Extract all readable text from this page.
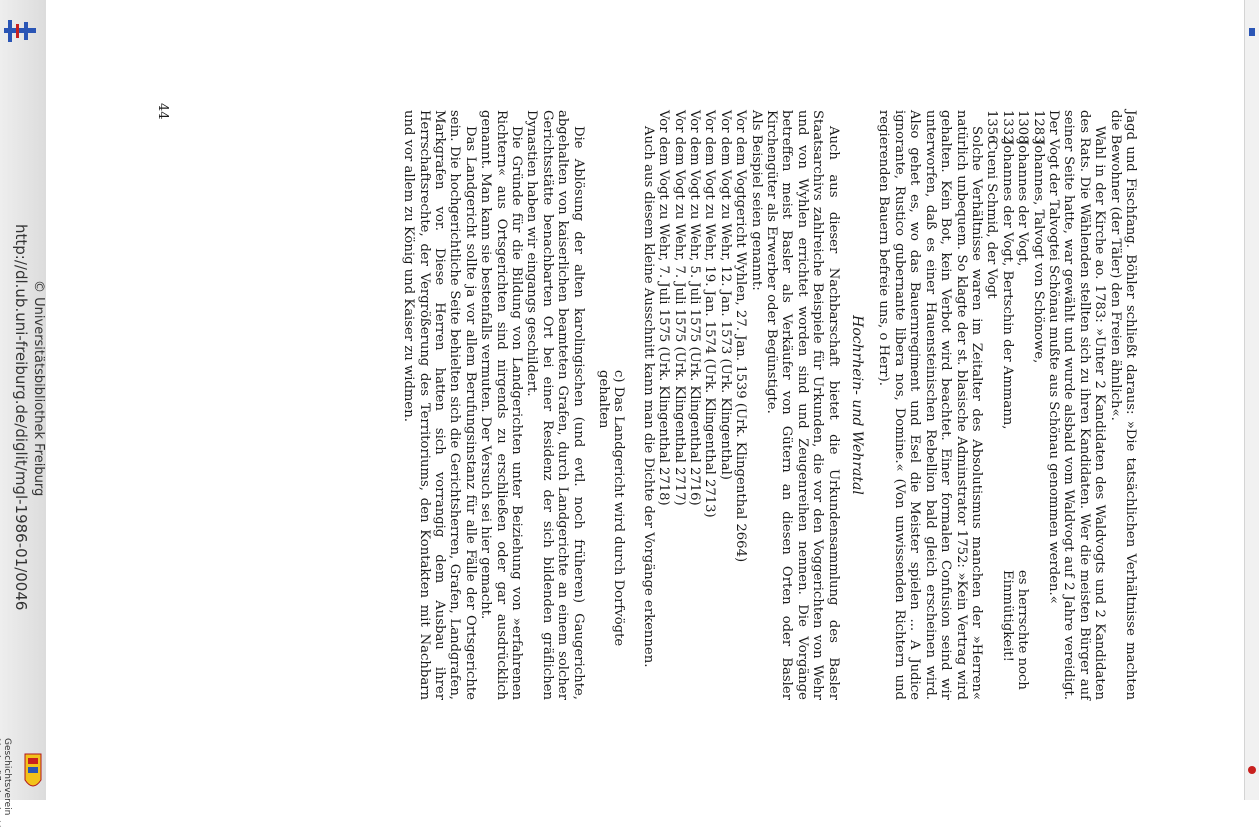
http://dl.ub.uni-freiburg.de/diglit/mgl-1986-01/0046 © Universitätsbibliothek Freiburg
Geschichtsverein

Jagd und Fischfang. Böhler schließt daraus: »Die tatsächlichen Verhältnisse machten die Bewohner (der Täler) den Freien ähnlich«.

Wahl in der Kirche ao. 1783: »Unter 2 Kandidaten des Waldvogts und 2 Kandidaten des Rats. Die Wählenden stellten sich zu ihren Kandidaten. Wer die meisten Bürger auf seiner Seite hatte, war gewählt und wurde alsbald vom Waldvogt auf 2 Jahre vereidigt. Der Vogt der Talvogtei Schönau mußte aus Schönau genommen werden.«

1283
Johannes, Talvogt von Schönowe,
1308
Johannes der Vogt,
es herrschte noch
1332
Johannes der Vogt, Bertschin der Ammann,
Einmütigkeit!
1356
Cueni Schmid, der Vogt

Solche Verhältnisse waren im Zeitalter des Absolutismus manchen der »Herren« natürlich unbequem. So klagte der st. blasische Adminstrator 1752: »Kein Vertrag wird gehalten. Kein Bot, kein Verbot wird beachtet. Einer formalen Confusion seind wir unterworfen, daß es einer Hauensteinischen Rebellion bald gleich erscheinen wird. Also gehet es, wo das Bauernregiment und Esel die Meister spielen ... A Judice ignorante, Rustico gubernante libera nos, Domine.« (Von unwissenden Richtern und regierenden Bauern befreie uns, o Herr).

Hochrhein- und Wehratal

Auch aus dieser Nachbarschaft bietet die Urkundensammlung des Basler Staatsarchivs zahlreiche Beispiele für Urkunden, die vor den Voggerichten von Wehr und von Wyhlen errichtet worden sind und Zeugenreihen nennen. Die Vorgänge betreffen meist Basler als Verkäufer von Gütern an diesen Orten oder Basler Kirchengüter als Erwerber oder Begünstigte.

Als Beispiel seien genannt:

Vor dem Vogtgericht Wyhlen, 27. Jan. 1539 (Urk. Klingenthal 2664)

Vor dem Vogt zu Wehr, 12. Jan. 1573 (Urk. Klingenthal)

Vor dem Vogt zu Wehr, 19. Jan. 1574 (Urk. Klingenthal 2713)

Vor dem Vogt zu Wehr, 5. Juli 1575 (Urk. Klingenthal 2716)

Vor dem Vogt zu Wehr, 7. Juli 1575 (Urk. Klingenthal 2717)

Vor dem Vogt zu Wehr, 7. Juli 1575 (Urk. Klingenthal 2718)

Auch aus diesem kleine Ausschnitt kann man die Dichte der Vorgänge erkennen.

c) Das Landgericht wird durch Dorfvögte gehalten

Die Ablösung der alten karolingischen (und evtl. noch früheren) Gaugerichte, abgehalten von kaiserlichen beamteten Grafen, durch Landgerichte an einem solcher Gerichtsstätte benachbarten Ort bei einer Residenz der sich bildenden gräflichen Dynastien haben wir eingangs geschildert.

Die Gründe für die Bildung von Landgerichten unter Beiziehung von »erfahrenen Richtern« aus Ortsgerichten sind nirgends zu erschließen oder gar ausdrücklich genannt. Man kann sie bestenfalls vermuten. Der Versuch sei hier gemacht.

Das Landgericht sollte ja vor allem Berufungsinstanz für alle Fälle der Ortsgerichte sein. Die hochgerichtliche Seite behielten sich die Gerichtsherren, Grafen, Landgrafen, Markgrafen vor. Diese Herren hatten sich vorrangig dem Ausbau ihrer Herrschaftsrechte, der Vergrößerung des Territoriums, den Kontakten mit Nachbarn und vor allem zu König und Kaiser zu widmen.

44
